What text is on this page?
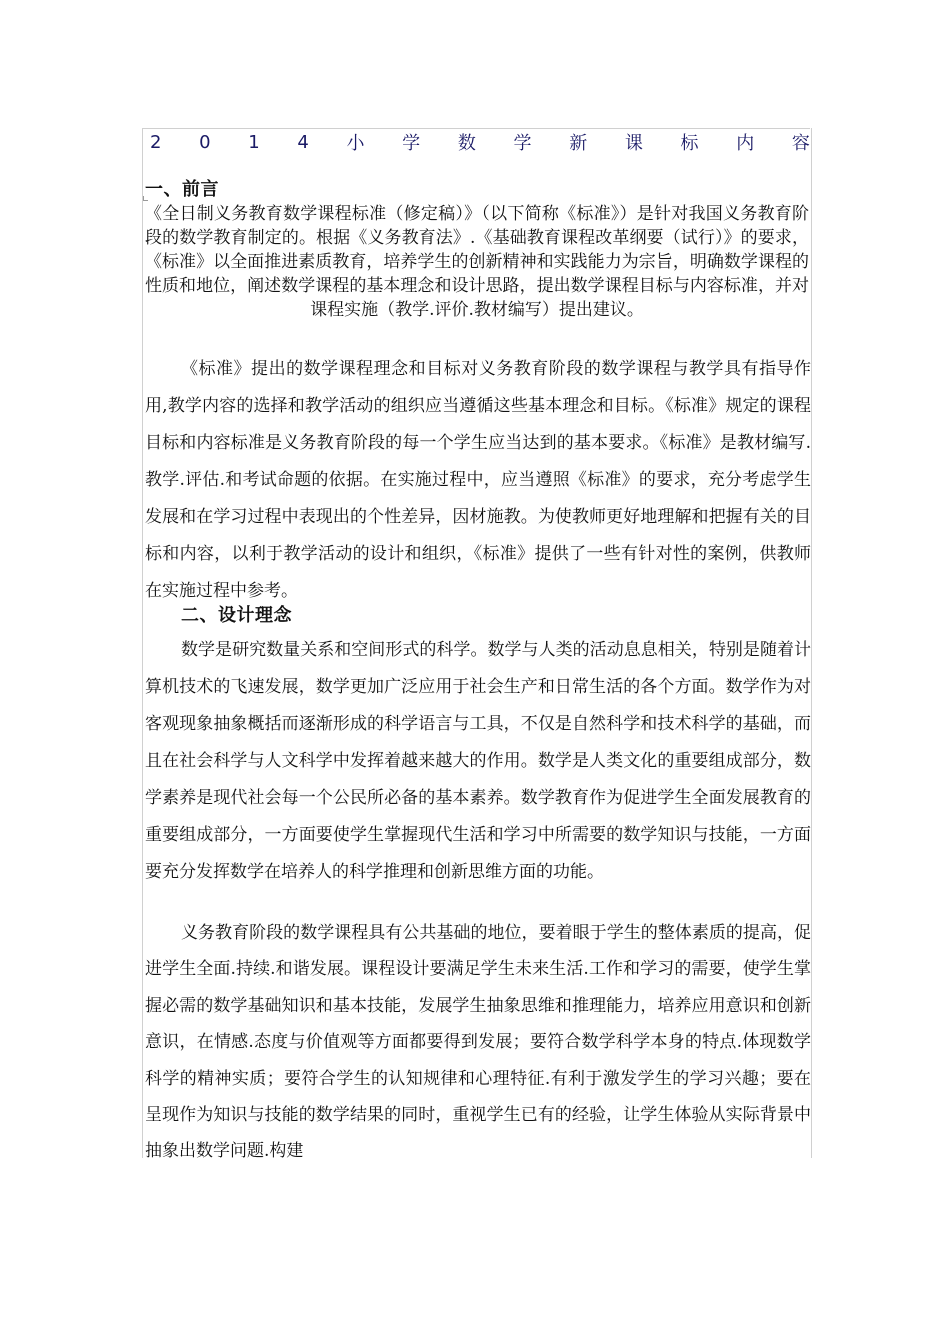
2 0 1 4 小 学 数 学 新 课 标 内 容
一、前言
《全日制义务教育数学课程标准（修定稿）》（以下简称《标准》）是针对我国义务教育阶段的数学教育制定的。根据《义务教育法》.《基础教育课程改革纲要（试行）》的要求，《标准》以全面推进素质教育，培养学生的创新精神和实践能力为宗旨，明确数学课程的性质和地位，阐述数学课程的基本理念和设计思路，提出数学课程目标与内容标准，并对课程实施（教学.评价.教材编写）提出建议。
《标准》提出的数学课程理念和目标对义务教育阶段的数学课程与教学具有指导作用,教学内容的选择和教学活动的组织应当遵循这些基本理念和目标。《标准》规定的课程目标和内容标准是义务教育阶段的每一个学生应当达到的基本要求。《标准》是教材编写.教学.评估.和考试命题的依据。在实施过程中，应当遵照《标准》的要求，充分考虑学生发展和在学习过程中表现出的个性差异，因材施教。为使教师更好地理解和把握有关的目标和内容，以利于教学活动的设计和组织，《标准》提供了一些有针对性的案例，供教师在实施过程中参考。
二、设计理念
数学是研究数量关系和空间形式的科学。数学与人类的活动息息相关，特别是随着计算机技术的飞速发展，数学更加广泛应用于社会生产和日常生活的各个方面。数学作为对客观现象抽象概括而逐渐形成的科学语言与工具，不仅是自然科学和技术科学的基础，而且在社会科学与人文科学中发挥着越来越大的作用。数学是人类文化的重要组成部分，数学素养是现代社会每一个公民所必备的基本素养。数学教育作为促进学生全面发展教育的重要组成部分，一方面要使学生掌握现代生活和学习中所需要的数学知识与技能，一方面要充分发挥数学在培养人的科学推理和创新思维方面的功能。
义务教育阶段的数学课程具有公共基础的地位，要着眼于学生的整体素质的提高，促进学生全面.持续.和谐发展。课程设计要满足学生未来生活.工作和学习的需要，使学生掌握必需的数学基础知识和基本技能，发展学生抽象思维和推理能力，培养应用意识和创新意识，在情感.态度与价值观等方面都要得到发展；要符合数学科学本身的特点.体现数学科学的精神实质；要符合学生的认知规律和心理特征.有利于激发学生的学习兴趣；要在呈现作为知识与技能的数学结果的同时，重视学生已有的经验，让学生体验从实际背景中抽象出数学问题.构建
